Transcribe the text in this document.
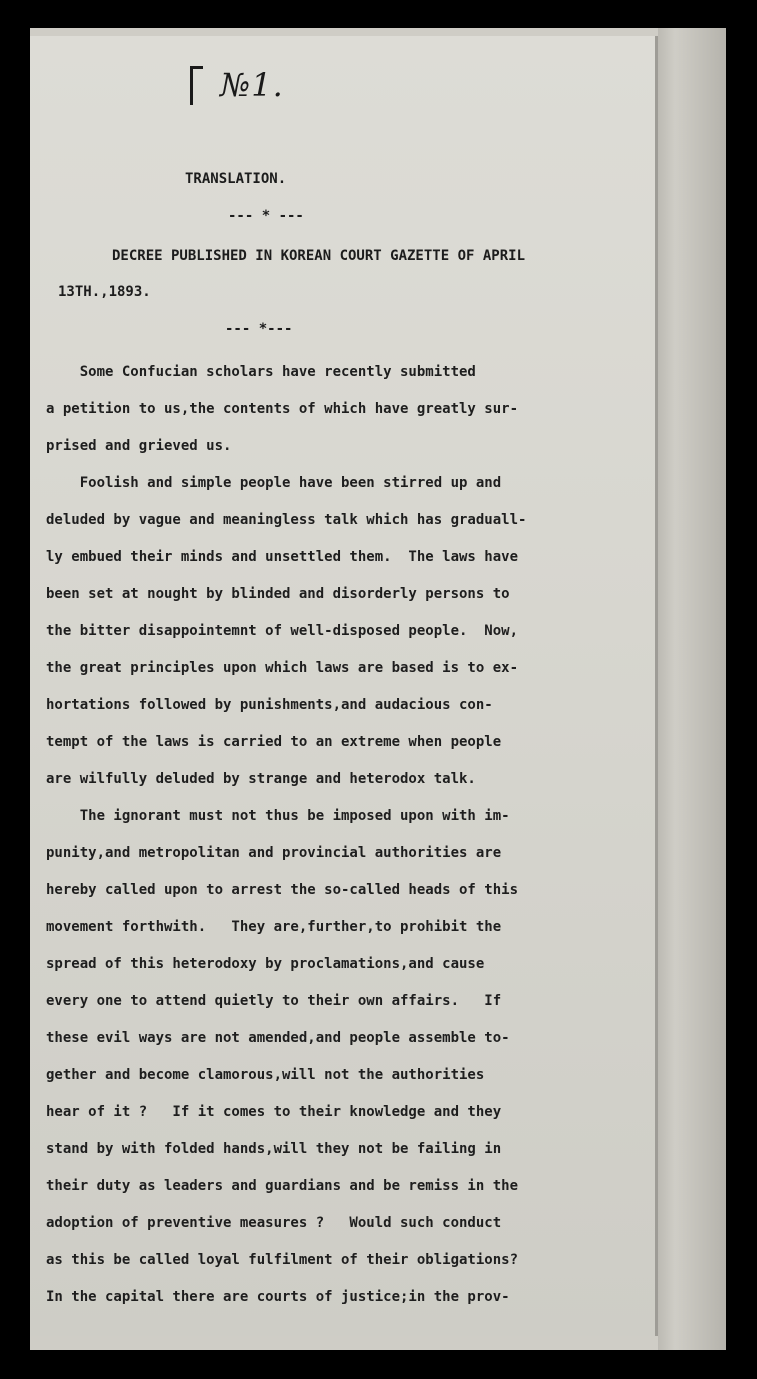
№1.
TRANSLATION.
--- * ---
DECREE PUBLISHED IN KOREAN COURT GAZETTE OF APRIL
13TH.,1893.
--- *---
Some Confucian scholars have recently submitted
a petition to us,the contents of which have greatly sur-
prised and grieved us.
Foolish and simple people have been stirred up and
deluded by vague and meaningless talk which has graduall-
ly embued their minds and unsettled them.  The laws have
been set at nought by blinded and disorderly persons to
the bitter disappointemnt of well-disposed people.  Now,
the great principles upon which laws are based is to ex-
hortations followed by punishments,and audacious con-
tempt of the laws is carried to an extreme when people
are wilfully deluded by strange and heterodox talk.
The ignorant must not thus be imposed upon with im-
punity,and metropolitan and provincial authorities are
hereby called upon to arrest the so-called heads of this
movement forthwith.   They are,further,to prohibit the
spread of this heterodoxy by proclamations,and cause
every one to attend quietly to their own affairs.   If
these evil ways are not amended,and people assemble to-
gether and become clamorous,will not the authorities
hear of it ?   If it comes to their knowledge and they
stand by with folded hands,will they not be failing in
their duty as leaders and guardians and be remiss in the
adoption of preventive measures ?   Would such conduct
as this be called loyal fulfilment of their obligations?
In the capital there are courts of justice;in the prov-
